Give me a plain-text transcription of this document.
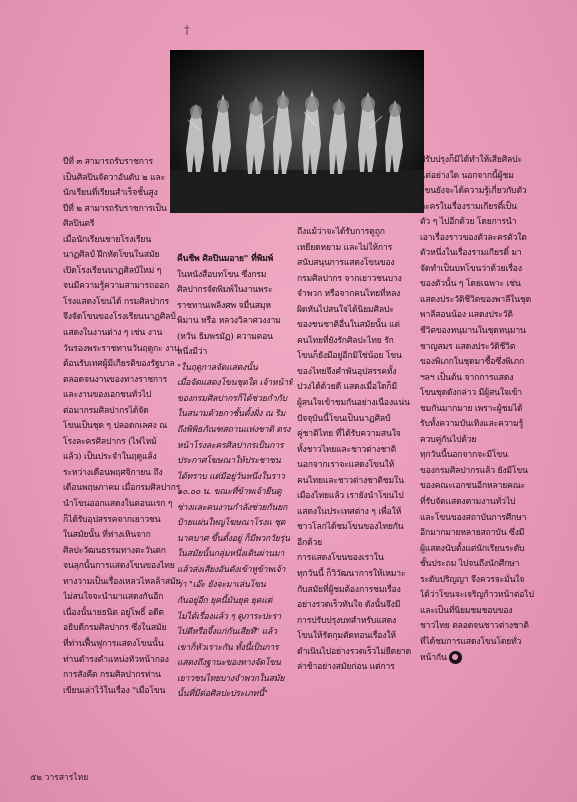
†
ปีที่ ๓ สามารถรับราชการ
เป็นศิลปินจัตวาอันดับ ๒ และ
นักเรียนที่เรียนสำเร็จชั้นสูง
ปีที่ ๒ สามารถรับราชการเป็น
ศิลปินตรี
เมื่อนักเรียนชายโรงเรียน
นาฏศิลป์ ฝึกหัดโขนในสมัย
เปิดโรงเรียนนาฏศิลป์ใหม่ ๆ
จนมีความรู้ความสามารถออก
โรงแสดงโขนได้ กรมศิลปากร
จึงจัดโขนของโรงเรียนนาฏศิลป์
แสดงในงานต่าง ๆ เช่น งาน
วันรองพระราชทานวันฤดูกะ งาน
ต้อนรับเทศผู้มีเกียรติของรัฐบาล
ตลอดจนงานของทางราชการ
และงานของเอกชนทั่วไป
ต่อมากรมศิลปากรได้จัด
โขนเป็นชุด ๆ ปลอดกเลศง ณ
โรงละครศิลปากร (ไฟไหม้
แล้ว) เป็นประจำในฤดูแล้ง
ระหว่างเดือนพฤศจิกายน ถึง
เดือนพฤษภาคม เมื่อกรมศิลปากร
นำโขนออกแสดงในตอนแรก ๆ
ก็ได้รับอุปสรรคจากเยาวชน
ในสมัยนั้น ที่ห่างเหินจาก
ศิลปะวัฒนธรรมทางตะวันตก
จนลุกนั้นการแสดงโขนของไทย
ทางวามเป็นเรื่องเหลวไหลล้าสมัย
ไม่สนใจจะนำมาแสดงกันอีก
เนื่องนั้นายธนิต อยู่โพธิ์ อดีต
อธิบดีกรมศิลปากร ซึ่งในสมัย
ที่ท่านฟื้นฟูการแสดงโขนนั้น
ท่านดำรงตำแหน่งหัวหน้ากอง
การสังคีต กรมศิลปากรท่าน
เขียนเล่าไว้ในเรื่อง "เมื่อโขน
คืนชีพ ศิลปินมอาย" ที่พิมพ์
ในหนังสือบทโขน ซึ่งกรม
ศิลปากรจัดพิมพ์ในงานพระ
ราชทานเพลิงศพ จมื่นสมุห
พิมาน หรือ หลวงวิลาศวงงาม
(หวัน ธิมพรมัฏ) ความตอน
หนึ่งมีว่า
"ในฤดูกาลจัดแสดงนั้น
เมื่อจัดแสดงโขนชุดใด เจ้าหน้าที่
ของกรมศิลปากรก็ได้ช่วยกำกับ
ในสนามด้วยกาชั้นตั้งฝั่ง ณ ริม
ถึงพิพิธภัณฑสถานแห่งชาติ ตรง
หน้าโรงละครศิลปากรเป็นการ
ประกาศโฆษณาให้ประชาชน
ได้ทราบ แต่มีอยู่วันหนึ่งในราว
๑๐.๐๐ น. ขณะที่ข้าพเจ้ายืนดู
ช่างและคนงานกำลังช่วยกันยก
ป้ายแผ่นใหญ่โฆษณาโรงแ ชุด
นาคบาศ ขึ้นตั้งอยู่ ก็มีพวกวัยรุ่น
ในสมัยนั้นกลุ่มหนึ่งเดินผ่านมา
แล้วส่งเสียงอันดังเข้าหูข้าพเจ้า
ว่า "เอ๊ะ ยังจะมาเล่นโขน
กันอยู่อีก ยุคนี้มันยุค ยุคแต่
ไม่ได้เรื่องแล้ว ๆ ดูภาระปะรา
ไปดีหรือจึ้งแก่กันเสียที" แล้ว
เขาก็หัวเราะกัน ทั้งนี้เป็นการ
แสดงถึงฐานะของทางจัดโขน
เยาวชนไทยบางจำพวกในสมัย
นั้นที่มีต่อศิลปะประเภทนี้"
ถึงแม้ว่าจะได้รับการดูถูก
เหยียดหยาม และไม่ให้การ
สนับสนุนการแสดงโขนของ
กรมศิลปากร จากเยาวชนบาง
จำพวก หรือจากคนไทยที่หลง
ผิดหันไปสนใจได้นิยมศิลปะ
ของชนชาติอื่นในสมัยนั้น แต่
คนไทยที่ยังรักศิลปะไทย รัก
โขนก็ยังมีอยู่อีกมิใช่น้อย โขน
ของไทยจึงคำพันอุปสรรคทั้ง
ปวงได้ด้วยดี แสดงเมื่อใดก็มี
ผู้สนใจเข้าชมกันอย่างเนืองแน่น
ปัจจุบันนี้โขนเป็นนาฏศิลป์
คู่ชาติไทย ที่ได้รับความสนใจ
ทั้งชาวไทยและชาวต่างชาติ
นอกจากเราจะแสดงโขนให้
คนไทยและชาวต่างชาติชมใน
เมืองไทยแล้ว เรายังนำโขนไป
แสดงในประเทศต่าง ๆ เพื่อให้
ชาวโลกได้ชมโขนของไทยกัน
อีกด้วย
การแสดงโขนของเราใน
ทุกวันนี้ ก็วิวัฒนาการให้เหมาะ
กับสมัยที่ผู้ชมต้องการชมเรื่อง
อย่างรวดเร็วทันใจ ดังนั้นจึงมี
การปรับปรุงบทสำหรับแสดง
โขนให้รัดกุมตัดทอนเรื่องให้
ดำเนินไปอย่างรวดเร็วไม่ยืดยาด
ล่าช้าอย่างสมัยก่อน แต่การ
ปรับปรุงก็มิได้ทำให้เสียศิลปะ
แต่อย่างใด นอกจากนี้ผู้ชม
โขนยังจะได้ความรู้เกี่ยวกับตัว
ละครในเรื่องรามเกียรติ์เป็น
ตัว ๆ ไปอีกด้วย โดยการนำ
เอาเรื่องราวของตัวละครตัวใด
ตัวหนึ่งในเรื่องรามเกียรติ์ มา
จัดทำเป็นบทโขนว่าด้วยเรื่อง
ของตัวนั้น ๆ โดยเฉพาะ เช่น
แสดงประวัติชีวิตของพาลีในชุด
พาลีสอนน้อง แสดงประวัติ
ชีวิตของหนุมานในชุดหนุมาน
ชาญสมร แสดงประวัติชีวิต
ของพิเภกในชุดมาซื้อซึ่งพิเภก
ฯลฯ เป็นต้น จากการแสดง
โขนชุดดังกล่าว มีผู้สนใจเข้า
ชมกันมากมาย เพราะผู้ชมได้
รับทั้งความบันเทิงและความรู้
ควบคู่กันไปด้วย
ทุกวันนี้นอกจากจะมีโขน
ของกรมศิลปากรแล้ว ยังมีโขน
ของคณะเอกชนอีกหลายคณะ
ที่รับจัดแสดงตามงานทั่วไป
และโขนของสถาบันการศึกษา
อีกมากมายหลายสถาบัน ซึ่งมี
ผู้แสดงนับตั้งแต่นักเรียนระดับ
ชั้นประถม ไปจนถึงนักศึกษา
ระดับปริญญา จึงควรจะมั่นใจ
ได้ว่าโขนจะเจริญก้าวหน้าต่อไป
และเป็นที่นิยมชมชอบของ
ชาวไทย ตลอดจนชาวต่างชาติ
ที่ได้ชมการแสดงโขนโดยทั่ว
หน้ากัน
๕๒ วารสารไทย
